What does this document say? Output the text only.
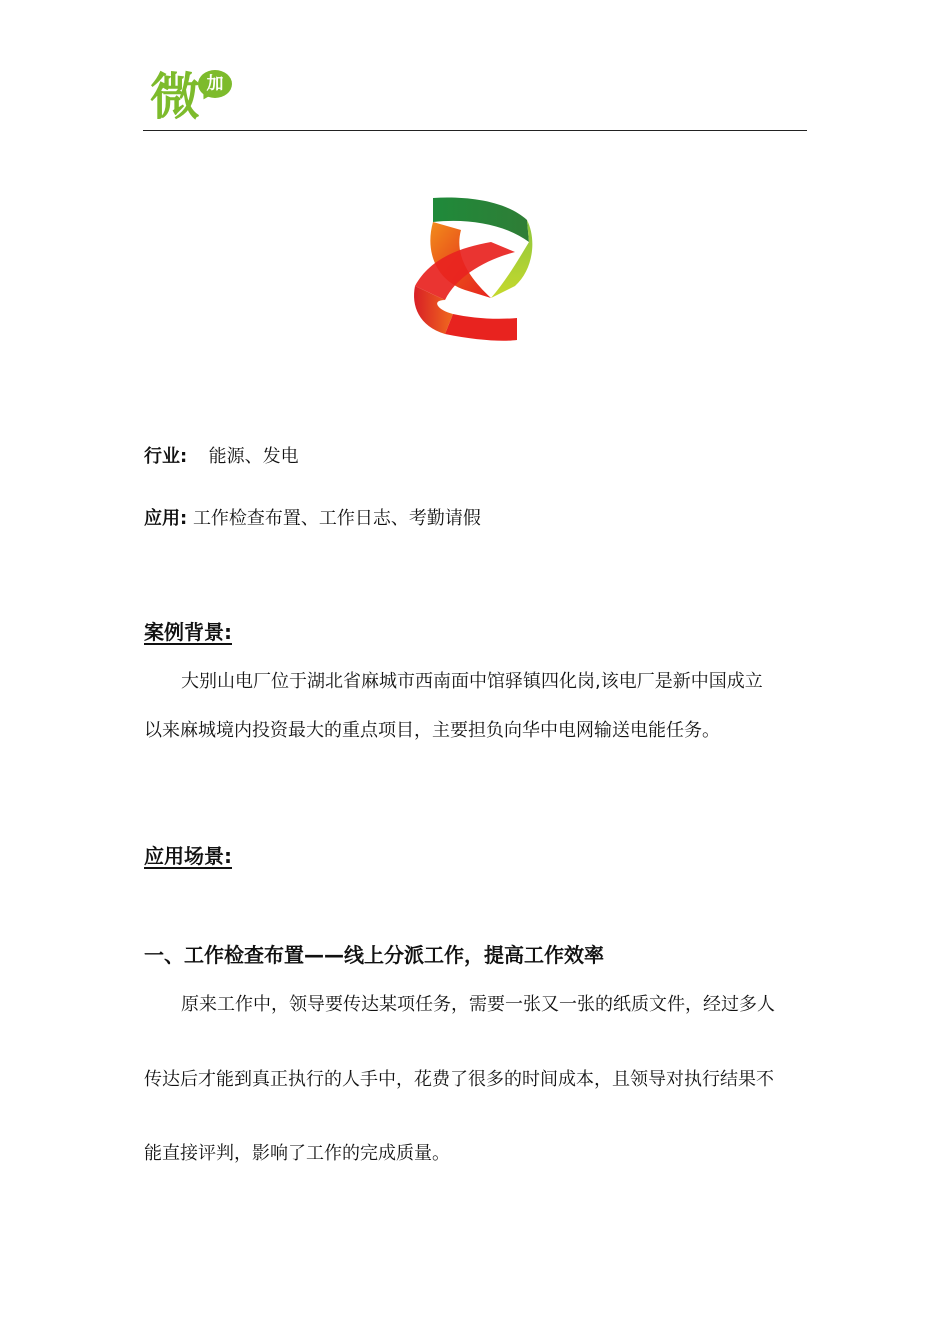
微 加
行业: 能源、发电
应用: 工作检查布置、工作日志、考勤请假
案例背景:
大别山电厂位于湖北省麻城市西南面中馆驿镇四化岗,该电厂是新中国成立
以来麻城境内投资最大的重点项目，主要担负向华中电网输送电能任务。
应用场景:
一、工作检查布置——线上分派工作，提高工作效率
原来工作中，领导要传达某项任务，需要一张又一张的纸质文件，经过多人
传达后才能到真正执行的人手中，花费了很多的时间成本，且领导对执行结果不
能直接评判，影响了工作的完成质量。
